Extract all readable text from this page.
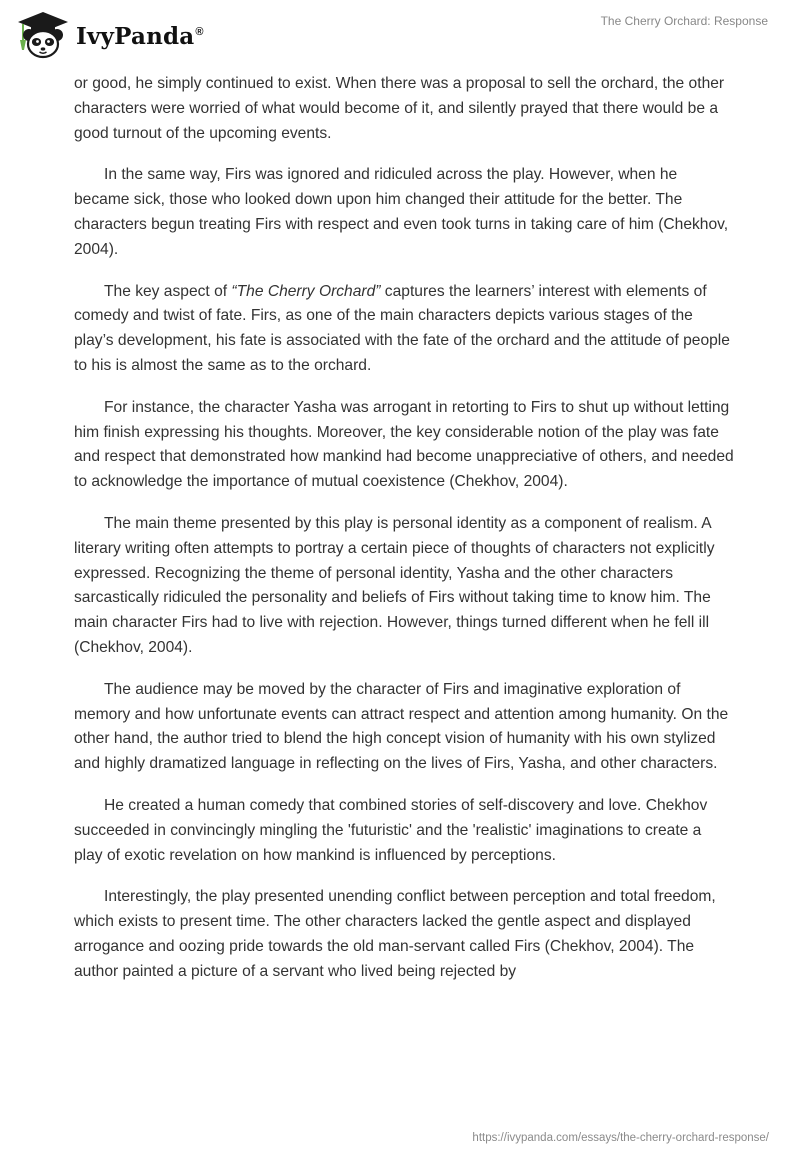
IvyPanda®
The Cherry Orchard: Response

or good, he simply continued to exist. When there was a proposal to sell the orchard, the other characters were worried of what would become of it, and silently prayed that there would be a good turnout of the upcoming events.

In the same way, Firs was ignored and ridiculed across the play. However, when he became sick, those who looked down upon him changed their attitude for the better. The characters begun treating Firs with respect and even took turns in taking care of him (Chekhov, 2004).

The key aspect of “The Cherry Orchard” captures the learners’ interest with elements of comedy and twist of fate. Firs, as one of the main characters depicts various stages of the play’s development, his fate is associated with the fate of the orchard and the attitude of people to his is almost the same as to the orchard.

For instance, the character Yasha was arrogant in retorting to Firs to shut up without letting him finish expressing his thoughts. Moreover, the key considerable notion of the play was fate and respect that demonstrated how mankind had become unappreciative of others, and needed to acknowledge the importance of mutual coexistence (Chekhov, 2004).

The main theme presented by this play is personal identity as a component of realism. A literary writing often attempts to portray a certain piece of thoughts of characters not explicitly expressed. Recognizing the theme of personal identity, Yasha and the other characters sarcastically ridiculed the personality and beliefs of Firs without taking time to know him. The main character Firs had to live with rejection. However, things turned different when he fell ill (Chekhov, 2004).

The audience may be moved by the character of Firs and imaginative exploration of memory and how unfortunate events can attract respect and attention among humanity. On the other hand, the author tried to blend the high concept vision of humanity with his own stylized and highly dramatized language in reflecting on the lives of Firs, Yasha, and other characters.

He created a human comedy that combined stories of self-discovery and love. Chekhov succeeded in convincingly mingling the 'futuristic' and the 'realistic' imaginations to create a play of exotic revelation on how mankind is influenced by perceptions.

Interestingly, the play presented unending conflict between perception and total freedom, which exists to present time. The other characters lacked the gentle aspect and displayed arrogance and oozing pride towards the old man-servant called Firs (Chekhov, 2004). The author painted a picture of a servant who lived being rejected by

https://ivypanda.com/essays/the-cherry-orchard-response/
